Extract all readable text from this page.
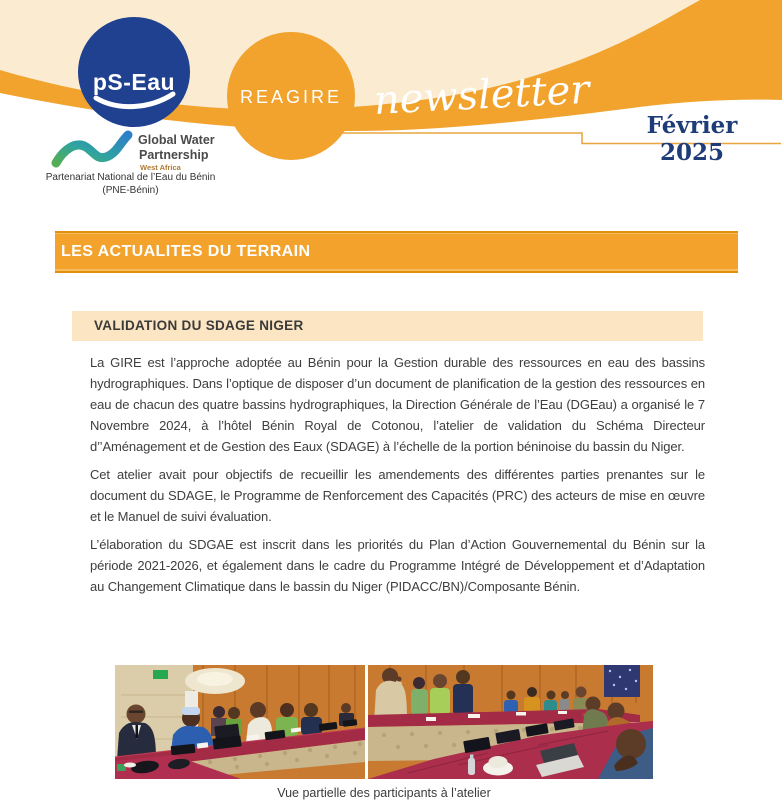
pS-Eau
REAGIRE newsletter
Février 2025
Global Water
Partnership
West Africa
Partenariat National de l’Eau du Bénin
(PNE-Bénin)
LES ACTUALITES DU TERRAIN
VALIDATION DU SDAGE NIGER

La GIRE est l’approche adoptée au Bénin pour la Gestion durable des ressources en eau des bassins hydrographiques. Dans l’optique de disposer d’un document de planification de la gestion des ressources en eau de chacun des quatre bassins hydrographiques, la Direction Générale de l’Eau (DGEau) a organisé le 7 Novembre 2024, à l’hôtel Bénin Royal de Cotonou, l’atelier de validation du Schéma Directeur d’’Aménagement et de Gestion des Eaux (SDAGE) à l’échelle de la portion béninoise du bassin du Niger.

Cet atelier avait pour objectifs de recueillir les amendements des différentes parties prenantes sur le document du SDAGE, le Programme de Renforcement des Capacités (PRC) des acteurs de mise en œuvre et le Manuel de suivi évaluation.

L’élaboration du SDGAE est inscrit dans les priorités du Plan d’Action Gouvernemental du Bénin sur la période 2021-2026, et également dans le cadre du Programme Intégré de Développement et d’Adaptation au Changement Climatique dans le bassin du Niger (PIDACC/BN)/Composante Bénin.

Vue partielle des participants à l’atelier
